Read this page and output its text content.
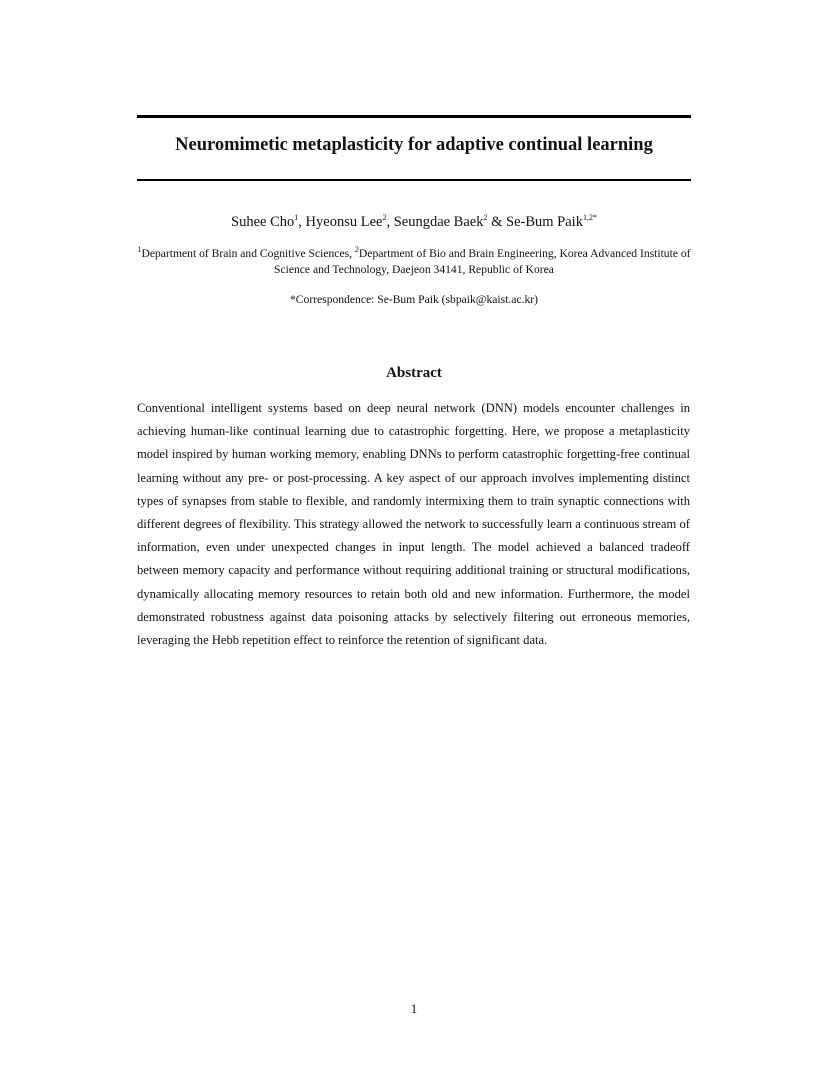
Neuromimetic metaplasticity for adaptive continual learning
Suhee Cho$^1$, Hyeonsu Lee$^2$, Seungdae Baek$^2$ & Se-Bum Paik$^{1,2*}$
$^1$Department of Brain and Cognitive Sciences, $^2$Department of Bio and Brain Engineering, Korea Advanced Institute of Science and Technology, Daejeon 34141, Republic of Korea
*Correspondence: Se-Bum Paik (sbpaik@kaist.ac.kr)
Abstract

Conventional intelligent systems based on deep neural network (DNN) models encounter challenges in achieving human-like continual learning due to catastrophic forgetting. Here, we propose a metaplasticity model inspired by human working memory, enabling DNNs to perform catastrophic forgetting-free continual learning without any pre- or post-processing. A key aspect of our approach involves implementing distinct types of synapses from stable to flexible, and randomly intermixing them to train synaptic connections with different degrees of flexibility. This strategy allowed the network to successfully learn a continuous stream of information, even under unexpected changes in input length. The model achieved a balanced tradeoff between memory capacity and performance without requiring additional training or structural modifications, dynamically allocating memory resources to retain both old and new information. Furthermore, the model demonstrated robustness against data poisoning attacks by selectively filtering out erroneous memories, leveraging the Hebb repetition effect to reinforce the retention of significant data.

1
